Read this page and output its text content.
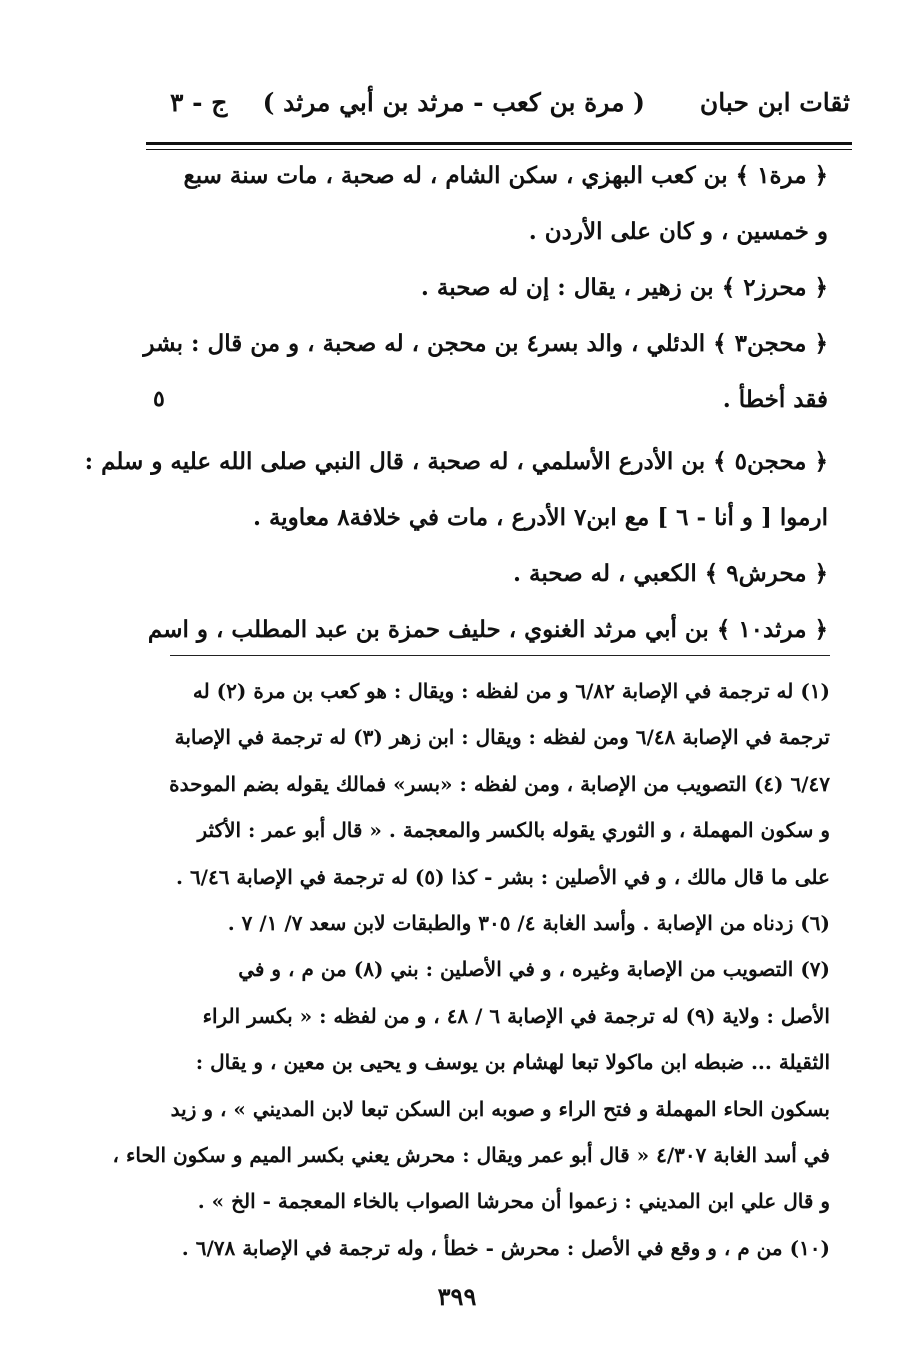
ثقات ابن حبان
( مرة بن كعب - مرثد بن أبي مرثد )
ج - ٣
﴿ مرة١ ﴾ بن كعب البهزي ، سكن الشام ، له صحبة ، مات سنة سبع
و خمسين ، و كان على الأردن .
﴿ محرز٢ ﴾ بن زهير ، يقال : إن له صحبة .
﴿ محجن٣ ﴾ الدئلي ، والد بسر٤ بن محجن ، له صحبة ، و من قال : بشر
فقد أخطأ .
﴿ محجن٥ ﴾ بن الأدرع الأسلمي ، له صحبة ، قال النبي صلى الله عليه و سلم :
ارموا [ و أنا - ٦ ] مع ابن٧ الأدرع ، مات في خلافة٨ معاوية .
﴿ محرش٩ ﴾ الكعبي ، له صحبة .
﴿ مرثد١٠ ﴾ بن أبي مرثد الغنوي ، حليف حمزة بن عبد المطلب ، و اسم
٥
(١) له ترجمة في الإصابة ٦/٨٢ و من لفظه : ويقال : هو كعب بن مرة (٢) له
ترجمة في الإصابة ٦/٤٨ ومن لفظه : ويقال : ابن زهر (٣) له ترجمة في الإصابة
٦/٤٧ (٤) التصويب من الإصابة ، ومن لفظه : «بسر» فمالك يقوله بضم الموحدة
و سكون المهملة ، و الثوري يقوله بالكسر والمعجمة . « قال أبو عمر : الأكثر
على ما قال مالك ، و في الأصلين : بشر - كذا (٥) له ترجمة في الإصابة ٦/٤٦ .
(٦) زدناه من الإصابة . وأسد الغابة ٤/ ٣٠٥ والطبقات لابن سعد ٧/ ١/ ٧ .
(٧) التصويب من الإصابة وغيره ، و في الأصلين : بني (٨) من م ، و في
الأصل : ولاية (٩) له ترجمة في الإصابة ٦ / ٤٨ ، و من لفظه : « بكسر الراء
الثقيلة ... ضبطه ابن ماكولا تبعا لهشام بن يوسف و يحيى بن معين ، و يقال :
بسكون الحاء المهملة و فتح الراء و صوبه ابن السكن تبعا لابن المديني » ، و زيد
في أسد الغابة ٤/٣٠٧ « قال أبو عمر ويقال : محرش يعني بكسر الميم و سكون الحاء ،
و قال علي ابن المديني : زعموا أن محرشا الصواب بالخاء المعجمة - الخ » .
(١٠) من م ، و وقع في الأصل : محرش - خطأ ، وله ترجمة في الإصابة ٦/٧٨ .
٣٩٩
